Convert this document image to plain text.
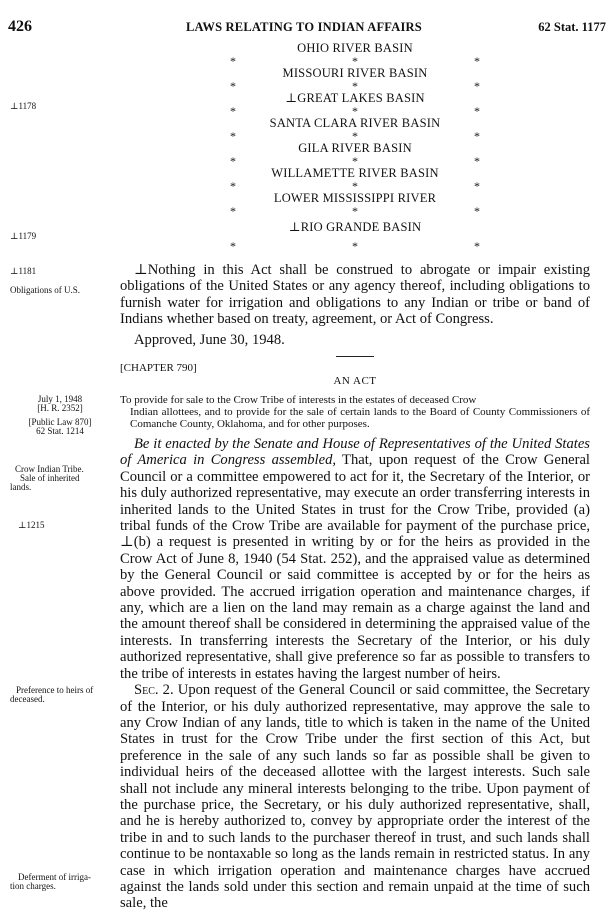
426	LAWS RELATING TO INDIAN AFFAIRS	62 Stat. 1177
OHIO RIVER BASIN
*	*	*
MISSOURI RIVER BASIN
*	*	*
⊥GREAT LAKES BASIN
*	*	*
SANTA CLARA RIVER BASIN
*	*	*
GILA RIVER BASIN
*	*	*
WILLAMETTE RIVER BASIN
*	*	*
LOWER MISSISSIPPI RIVER
*	*	*
⊥RIO GRANDE BASIN
*	*	*
⊥1178
⊥1179
⊥1181
Obligations of U.S.
July 1, 1948
[H. R. 2352]
[Public Law 870]
62 Stat. 1214
Crow Indian Tribe.
Sale of inherited
lands.
⊥1215
Preference to heirs of
deceased.
Deferment of irriga-
tion charges.

⊥Nothing in this Act shall be construed to abrogate or impair existing obligations of the United States or any agency thereof, including obligations to furnish water for irrigation and obligations to any Indian or tribe or band of Indians whether based on treaty, agreement, or Act of Congress.

Approved, June 30, 1948.
[CHAPTER 790]
AN ACT
To provide for sale to the Crow Tribe of interests in the estates of deceased Crow
Indian allottees, and to provide for the sale of certain lands to the Board of County Commissioners of Comanche County, Oklahoma, and for other purposes.

Be it enacted by the Senate and House of Representatives of the United States of America in Congress assembled, That, upon request of the Crow General Council or a committee empowered to act for it, the Secretary of the Interior, or his duly authorized representative, may execute an order transferring interests in inherited lands to the United States in trust for the Crow Tribe, provided (a) tribal funds of the Crow Tribe are available for payment of the purchase price, ⊥(b) a request is presented in writing by or for the heirs as provided in the Crow Act of June 8, 1940 (54 Stat. 252), and the appraised value as determined by the General Council or said committee is accepted by or for the heirs as above provided. The accrued irrigation operation and maintenance charges, if any, which are a lien on the land may remain as a charge against the land and the amount thereof shall be considered in determining the appraised value of the interests. In transferring interests the Secretary of the Interior, or his duly authorized representative, shall give preference so far as possible to transfers to the tribe of interests in estates having the largest number of heirs.

Sec. 2. Upon request of the General Council or said committee, the Secretary of the Interior, or his duly authorized representative, may approve the sale to any Crow Indian of any lands, title to which is taken in the name of the United States in trust for the Crow Tribe under the first section of this Act, but preference in the sale of any such lands so far as possible shall be given to individual heirs of the deceased allottee with the largest interests. Such sale shall not include any mineral interests belonging to the tribe. Upon payment of the purchase price, the Secretary, or his duly authorized representative, shall, and he is hereby authorized to, convey by appropriate order the interest of the tribe in and to such lands to the purchaser thereof in trust, and such lands shall continue to be nontaxable so long as the lands remain in restricted status. In any case in which irrigation operation and maintenance charges have accrued against the lands sold under this section and remain unpaid at the time of such sale, the
